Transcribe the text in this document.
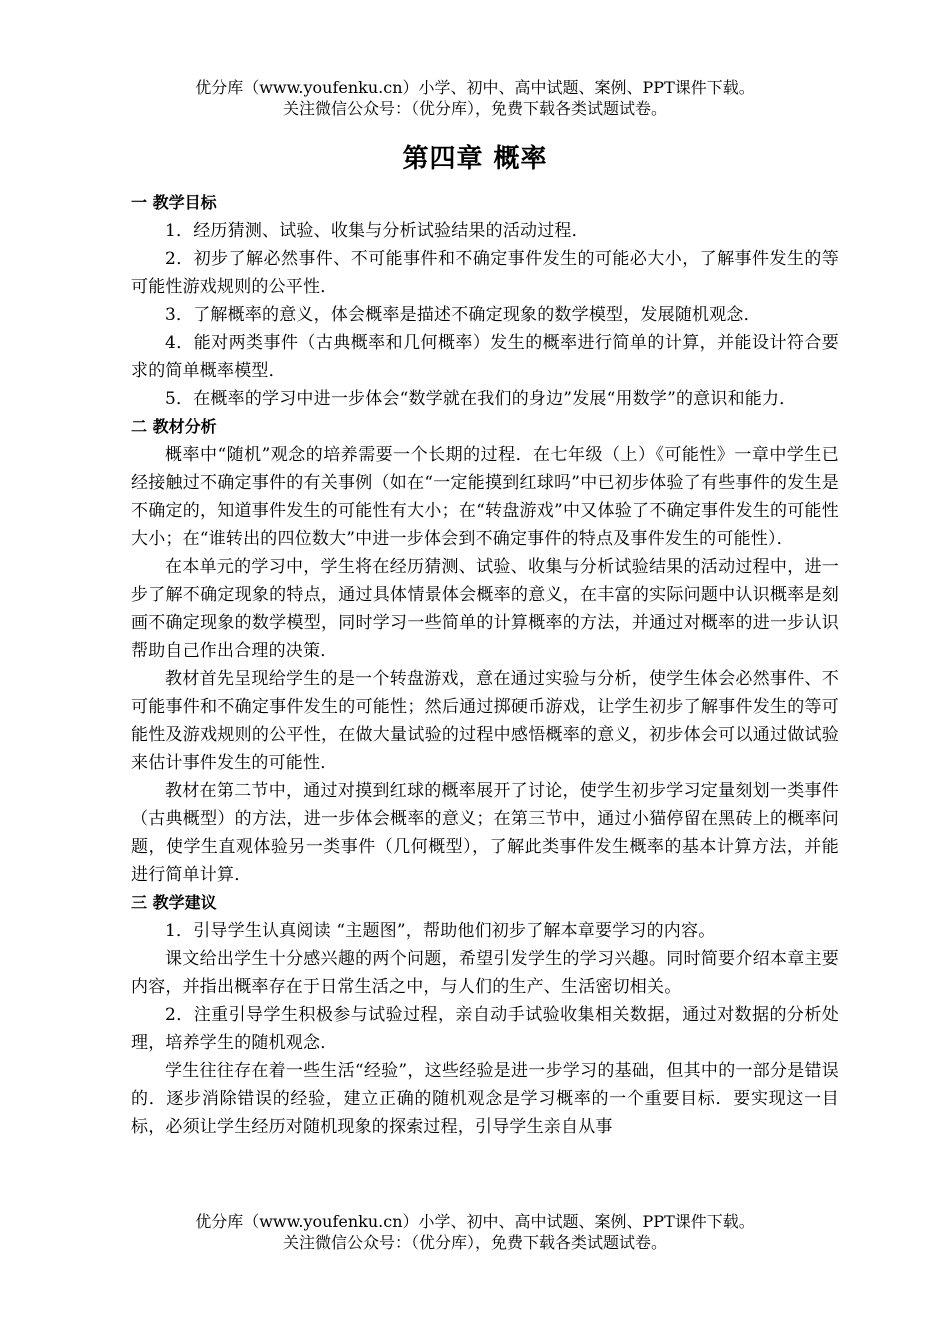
优分库（www.youfenku.cn）小学、初中、高中试题、案例、PPT课件下载。
关注微信公众号：（优分库），免费下载各类试题试卷。
第四章 概率
一 教学目标

1．经历猜测、试验、收集与分析试验结果的活动过程．

2．初步了解必然事件、不可能事件和不确定事件发生的可能必大小，了解事件发生的等可能性游戏规则的公平性．

3．了解概率的意义，体会概率是描述不确定现象的数学模型，发展随机观念．

4．能对两类事件（古典概率和几何概率）发生的概率进行简单的计算，并能设计符合要求的简单概率模型．

5．在概率的学习中进一步体会“数学就在我们的身边”发展“用数学”的意识和能力．

二 教材分析

概率中“随机”观念的培养需要一个长期的过程．在七年级（上）《可能性》一章中学生已经接触过不确定事件的有关事例（如在“一定能摸到红球吗”中已初步体验了有些事件的发生是不确定的，知道事件发生的可能性有大小；在“转盘游戏”中又体验了不确定事件发生的可能性大小；在“谁转出的四位数大”中进一步体会到不确定事件的特点及事件发生的可能性）．

在本单元的学习中，学生将在经历猜测、试验、收集与分析试验结果的活动过程中，进一步了解不确定现象的特点，通过具体情景体会概率的意义，在丰富的实际问题中认识概率是刻画不确定现象的数学模型，同时学习一些简单的计算概率的方法，并通过对概率的进一步认识帮助自己作出合理的决策．

教材首先呈现给学生的是一个转盘游戏，意在通过实验与分析，使学生体会必然事件、不可能事件和不确定事件发生的可能性；然后通过掷硬币游戏，让学生初步了解事件发生的等可能性及游戏规则的公平性，在做大量试验的过程中感悟概率的意义，初步体会可以通过做试验来估计事件发生的可能性．

教材在第二节中，通过对摸到红球的概率展开了讨论，使学生初步学习定量刻划一类事件（古典概型）的方法，进一步体会概率的意义；在第三节中，通过小猫停留在黑砖上的概率问题，使学生直观体验另一类事件（几何概型），了解此类事件发生概率的基本计算方法，并能进行简单计算．

三 教学建议

1．引导学生认真阅读 “主题图”，帮助他们初步了解本章要学习的内容。

课文给出学生十分感兴趣的两个问题，希望引发学生的学习兴趣。同时简要介绍本章主要内容，并指出概率存在于日常生活之中，与人们的生产、生活密切相关。

2．注重引导学生积极参与试验过程，亲自动手试验收集相关数据，通过对数据的分析处理，培养学生的随机观念．

学生往往存在着一些生活“经验”，这些经验是进一步学习的基础，但其中的一部分是错误的．逐步消除错误的经验，建立正确的随机观念是学习概率的一个重要目标．要实现这一目标，必须让学生经历对随机现象的探索过程，引导学生亲自从事

优分库（www.youfenku.cn）小学、初中、高中试题、案例、PPT课件下载。
关注微信公众号：（优分库），免费下载各类试题试卷。
